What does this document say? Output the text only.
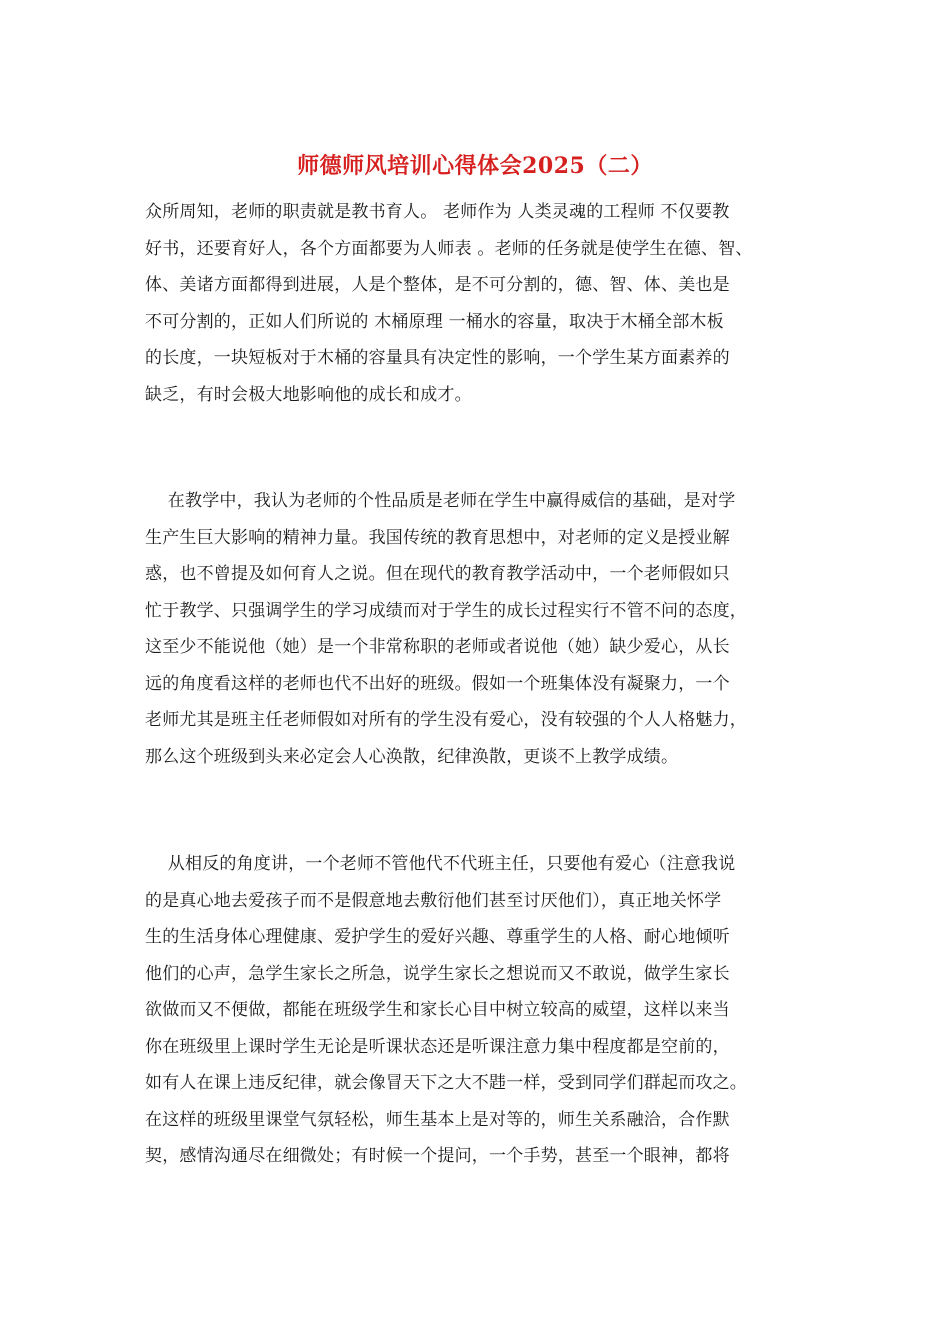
师德师风培训心得体会2025（二）
众所周知，老师的职责就是教书育人。 老师作为 人类灵魂的工程师 不仅要教
好书，还要育好人，各个方面都要为人师表 。老师的任务就是使学生在德、智、
体、美诸方面都得到进展，人是个整体，是不可分割的，德、智、体、美也是
不可分割的，正如人们所说的 木桶原理 一桶水的容量，取决于木桶全部木板
的长度，一块短板对于木桶的容量具有决定性的影响，一个学生某方面素养的
缺乏，有时会极大地影响他的成长和成才。
　 在教学中，我认为老师的个性品质是老师在学生中赢得威信的基础，是对学
生产生巨大影响的精神力量。我国传统的教育思想中，对老师的定义是授业解
惑，也不曾提及如何育人之说。但在现代的教育教学活动中，一个老师假如只
忙于教学、只强调学生的学习成绩而对于学生的成长过程实行不管不问的态度，
这至少不能说他（她）是一个非常称职的老师或者说他（她）缺少爱心，从长
远的角度看这样的老师也代不出好的班级。假如一个班集体没有凝聚力，一个
老师尤其是班主任老师假如对所有的学生没有爱心，没有较强的个人人格魅力，
那么这个班级到头来必定会人心涣散，纪律涣散，更谈不上教学成绩。
　 从相反的角度讲，一个老师不管他代不代班主任，只要他有爱心（注意我说
的是真心地去爱孩子而不是假意地去敷衍他们甚至讨厌他们），真正地关怀学
生的生活身体心理健康、爱护学生的爱好兴趣、尊重学生的人格、耐心地倾听
他们的心声，急学生家长之所急，说学生家长之想说而又不敢说，做学生家长
欲做而又不便做，都能在班级学生和家长心目中树立较高的威望，这样以来当
你在班级里上课时学生无论是听课状态还是听课注意力集中程度都是空前的，
如有人在课上违反纪律，就会像冒天下之大不韪一样，受到同学们群起而攻之。
在这样的班级里课堂气氛轻松，师生基本上是对等的，师生关系融洽，合作默
契，感情沟通尽在细微处；有时候一个提问，一个手势，甚至一个眼神，都将
